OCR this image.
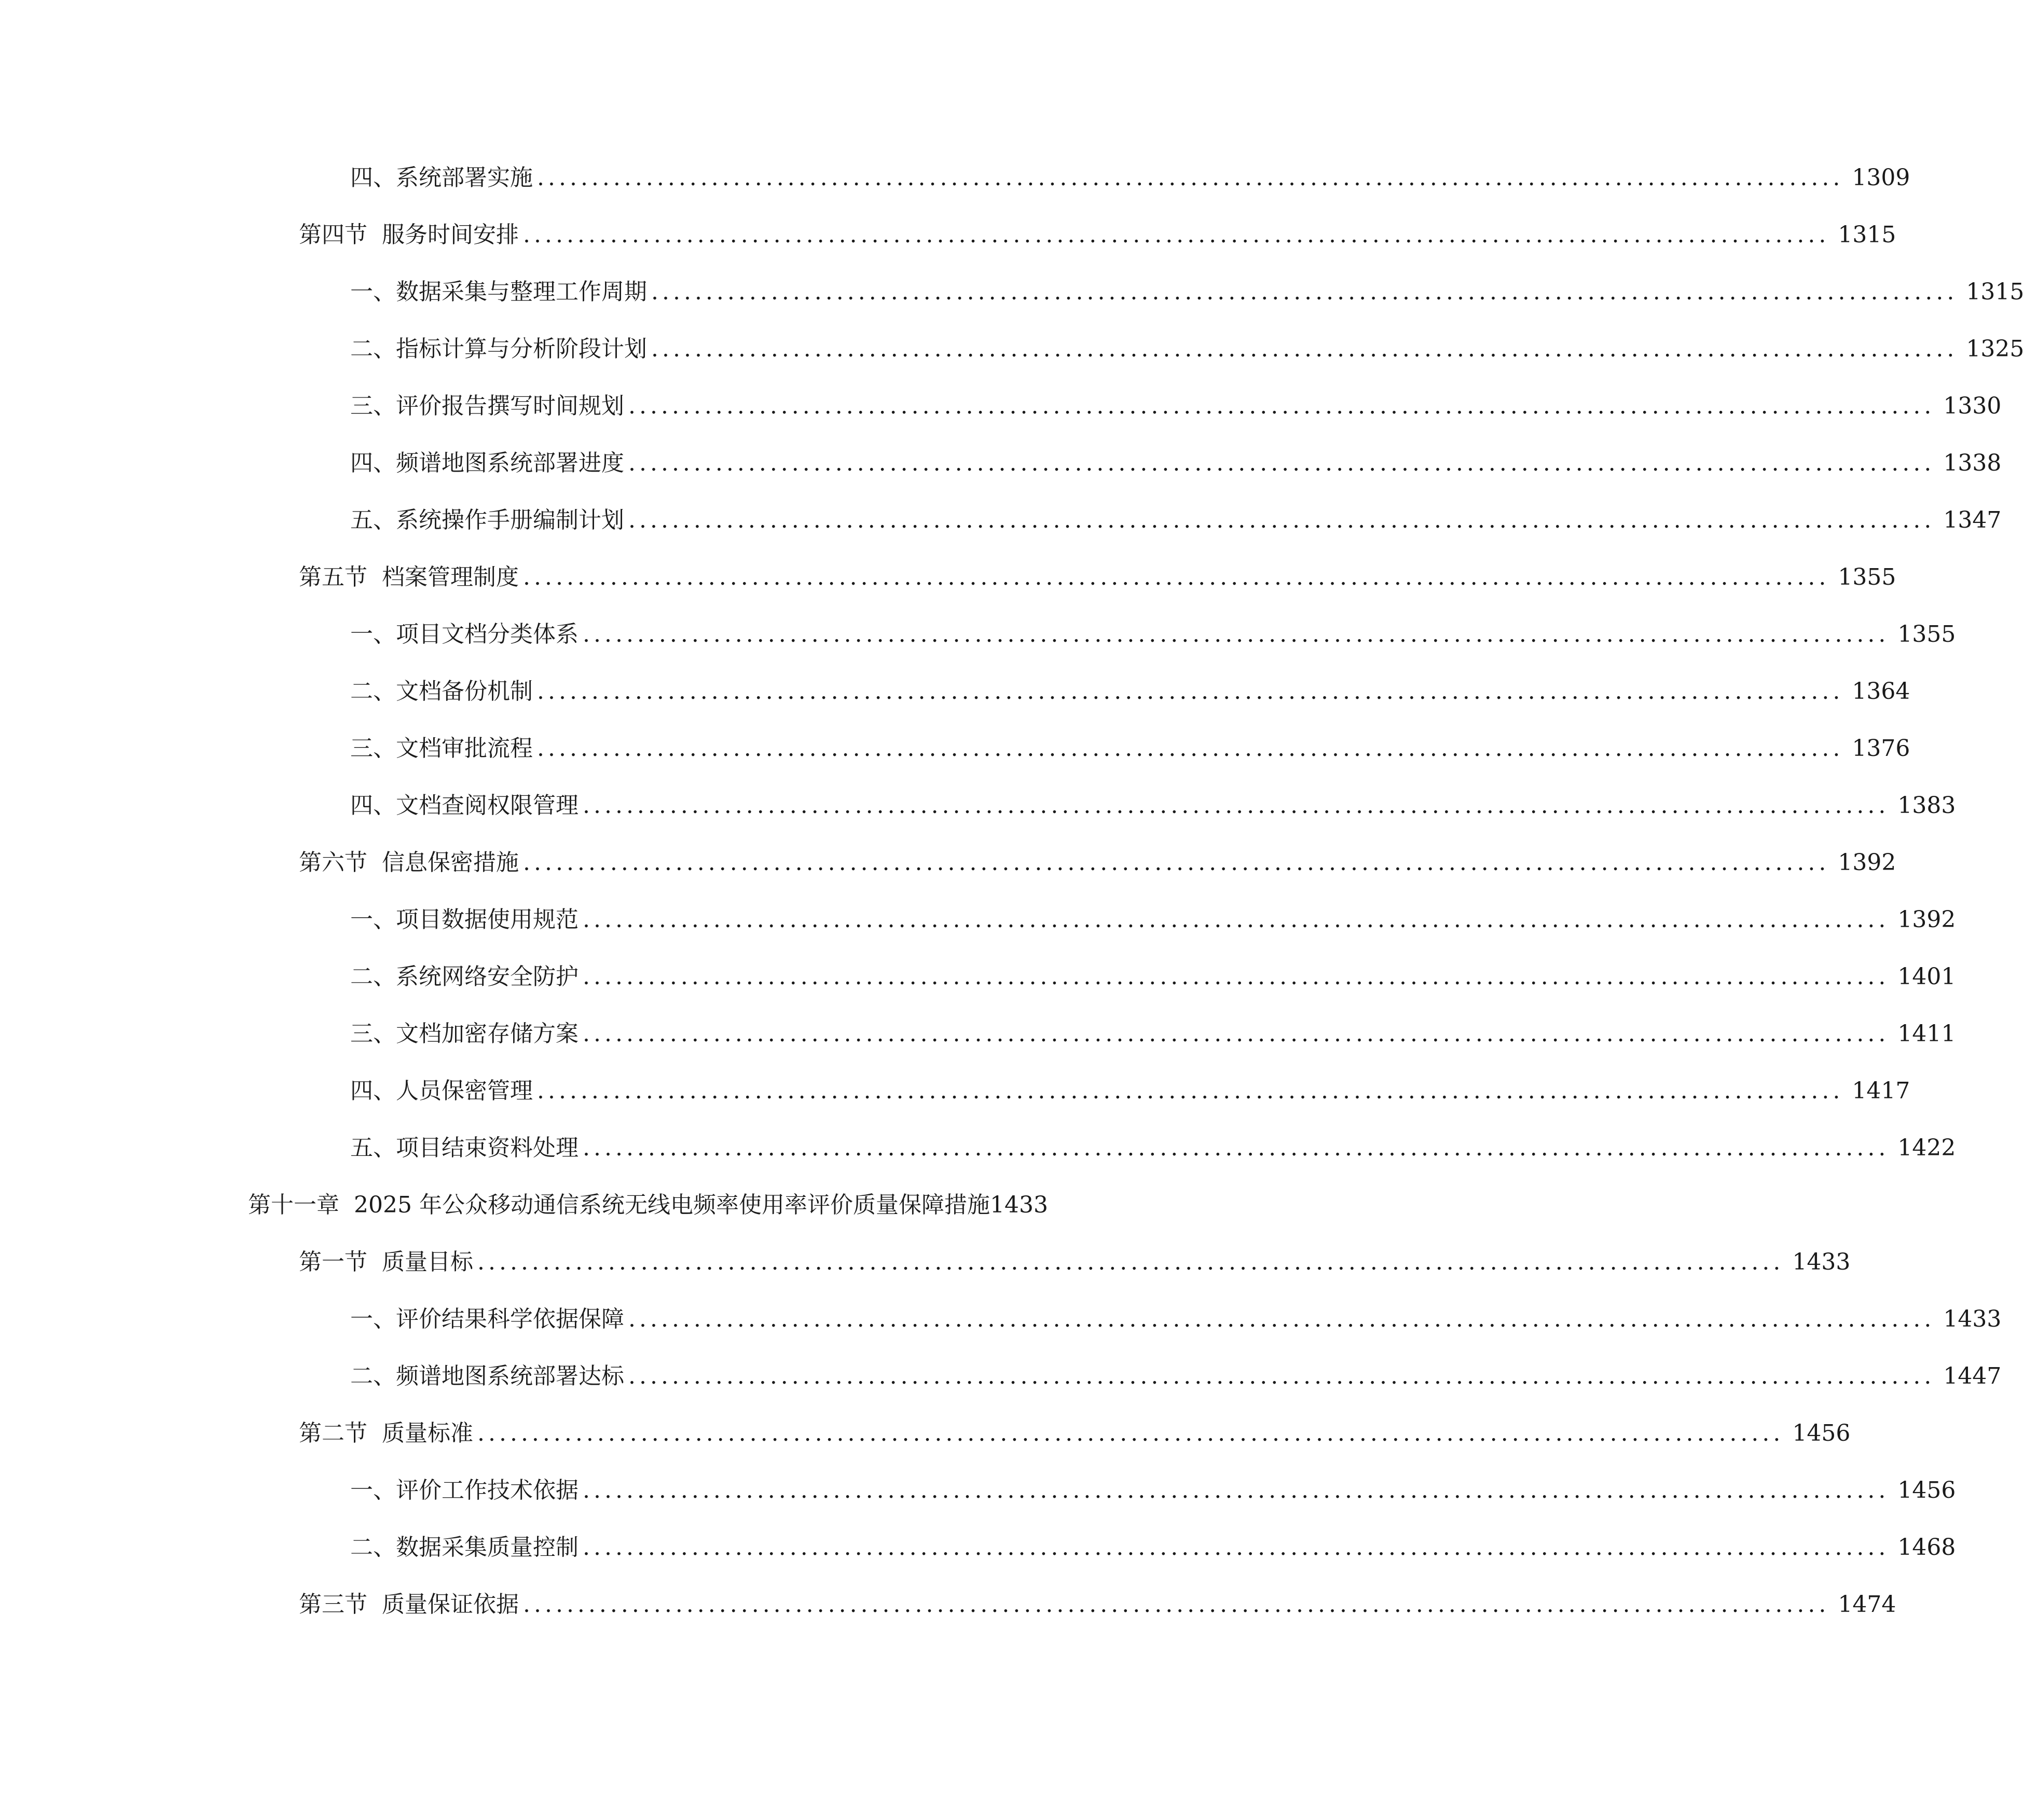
四、 系统部署实施 ........................................................................................................................ 1309
第四节 服务时间安排 ........................................................................................................................ 1315
一、 数据采集与整理工作周期 ........................................................................................................................ 1315
二、 指标计算与分析阶段计划 ........................................................................................................................ 1325
三、 评价报告撰写时间规划 ........................................................................................................................ 1330
四、 频谱地图系统部署进度 ........................................................................................................................ 1338
五、 系统操作手册编制计划 ........................................................................................................................ 1347
第五节 档案管理制度 ........................................................................................................................ 1355
一、 项目文档分类体系 ........................................................................................................................ 1355
二、 文档备份机制 ........................................................................................................................ 1364
三、 文档审批流程 ........................................................................................................................ 1376
四、 文档查阅权限管理 ........................................................................................................................ 1383
第六节 信息保密措施 ........................................................................................................................ 1392
一、 项目数据使用规范 ........................................................................................................................ 1392
二、 系统网络安全防护 ........................................................................................................................ 1401
三、 文档加密存储方案 ........................................................................................................................ 1411
四、 人员保密管理 ........................................................................................................................ 1417
五、 项目结束资料处理 ........................................................................................................................ 1422
第十一章 2025 年公众移动通信系统无线电频率使用率评价质量保障措施 1433
第一节 质量目标 ........................................................................................................................ 1433
一、 评价结果科学依据保障 ........................................................................................................................ 1433
二、 频谱地图系统部署达标 ........................................................................................................................ 1447
第二节 质量标准 ........................................................................................................................ 1456
一、 评价工作技术依据 ........................................................................................................................ 1456
二、 数据采集质量控制 ........................................................................................................................ 1468
第三节 质量保证依据 ........................................................................................................................ 1474
